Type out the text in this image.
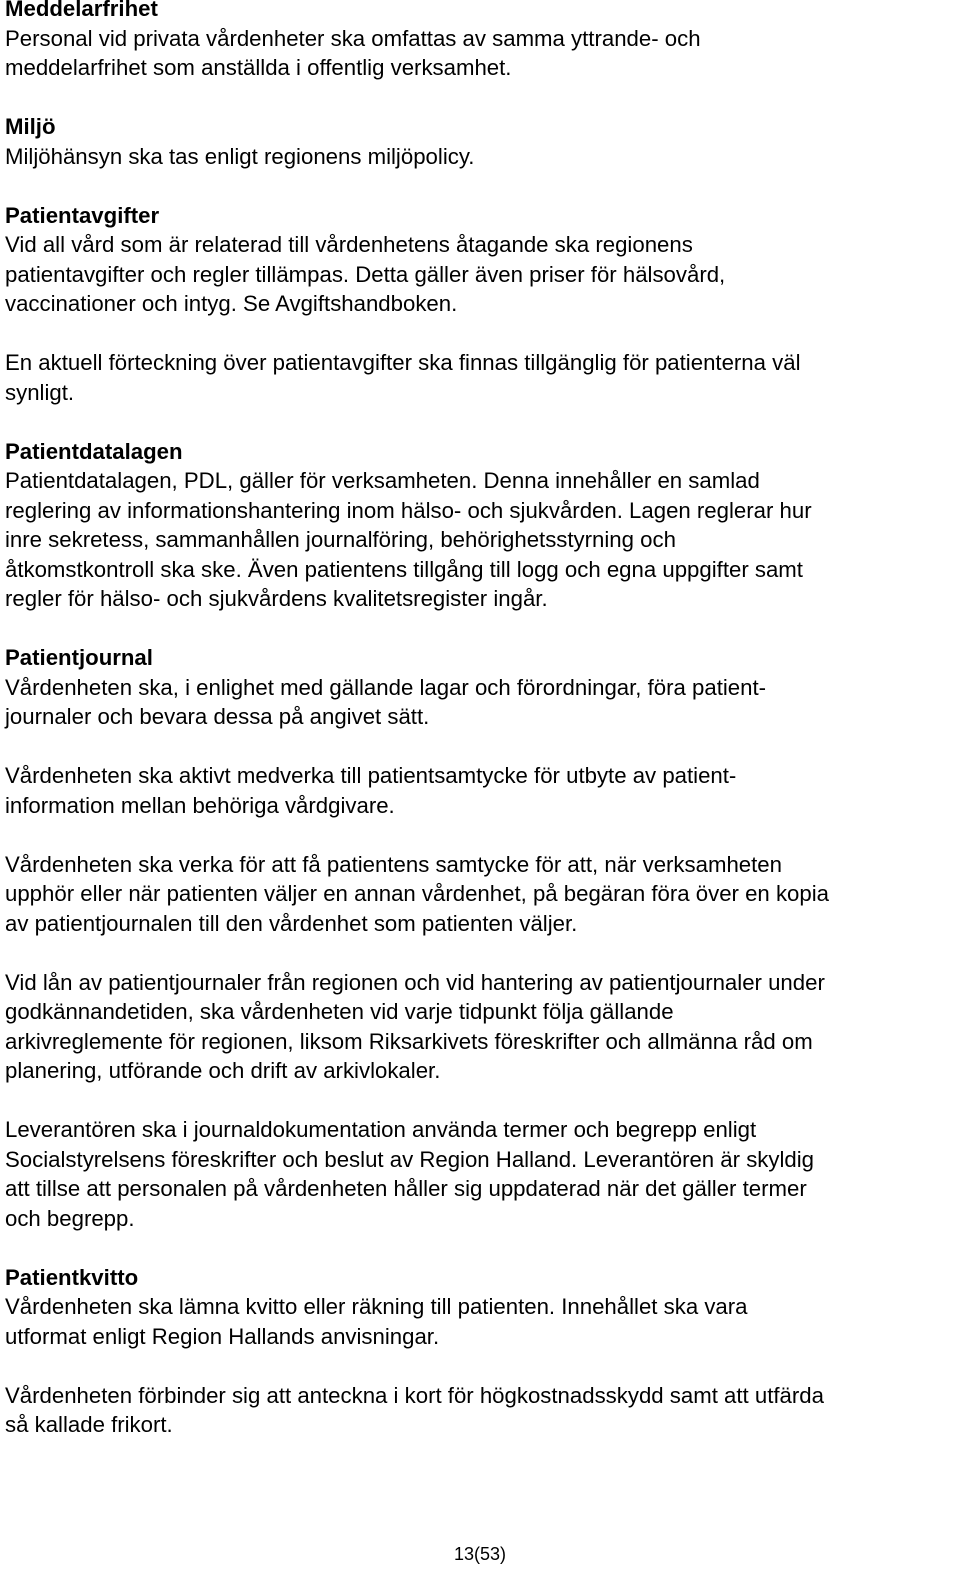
Meddelarfrihet
Personal vid privata vårdenheter ska omfattas av samma yttrande- och
meddelarfrihet som anställda i offentlig verksamhet.
Miljö
Miljöhänsyn ska tas enligt regionens miljöpolicy.
Patientavgifter
Vid all vård som är relaterad till vårdenhetens åtagande ska regionens
patientavgifter och regler tillämpas. Detta gäller även priser för hälsovård,
vaccinationer och intyg. Se Avgiftshandboken.
En aktuell förteckning över patientavgifter ska finnas tillgänglig för patienterna väl
synligt.
Patientdatalagen
Patientdatalagen, PDL, gäller för verksamheten. Denna innehåller en samlad
reglering av informationshantering inom hälso- och sjukvården. Lagen reglerar hur
inre sekretess, sammanhållen journalföring, behörighetsstyrning och
åtkomstkontroll ska ske. Även patientens tillgång till logg och egna uppgifter samt
regler för hälso- och sjukvårdens kvalitetsregister ingår.
Patientjournal
Vårdenheten ska, i enlighet med gällande lagar och förordningar, föra patient-
journaler och bevara dessa på angivet sätt.
Vårdenheten ska aktivt medverka till patientsamtycke för utbyte av patient-
information mellan behöriga vårdgivare.
Vårdenheten ska verka för att få patientens samtycke för att, när verksamheten
upphör eller när patienten väljer en annan vårdenhet, på begäran föra över en kopia
av patientjournalen till den vårdenhet som patienten väljer.
Vid lån av patientjournaler från regionen och vid hantering av patientjournaler under
godkännandetiden, ska vårdenheten vid varje tidpunkt följa gällande
arkivreglemente för regionen, liksom Riksarkivets föreskrifter och allmänna råd om
planering, utförande och drift av arkivlokaler.
Leverantören ska i journaldokumentation använda termer och begrepp enligt
Socialstyrelsens föreskrifter och beslut av Region Halland. Leverantören är skyldig
att tillse att personalen på vårdenheten håller sig uppdaterad när det gäller termer
och begrepp.
Patientkvitto
Vårdenheten ska lämna kvitto eller räkning till patienten. Innehållet ska vara
utformat enligt Region Hallands anvisningar.
Vårdenheten förbinder sig att anteckna i kort för högkostnadsskydd samt att utfärda
så kallade frikort.
13(53)
